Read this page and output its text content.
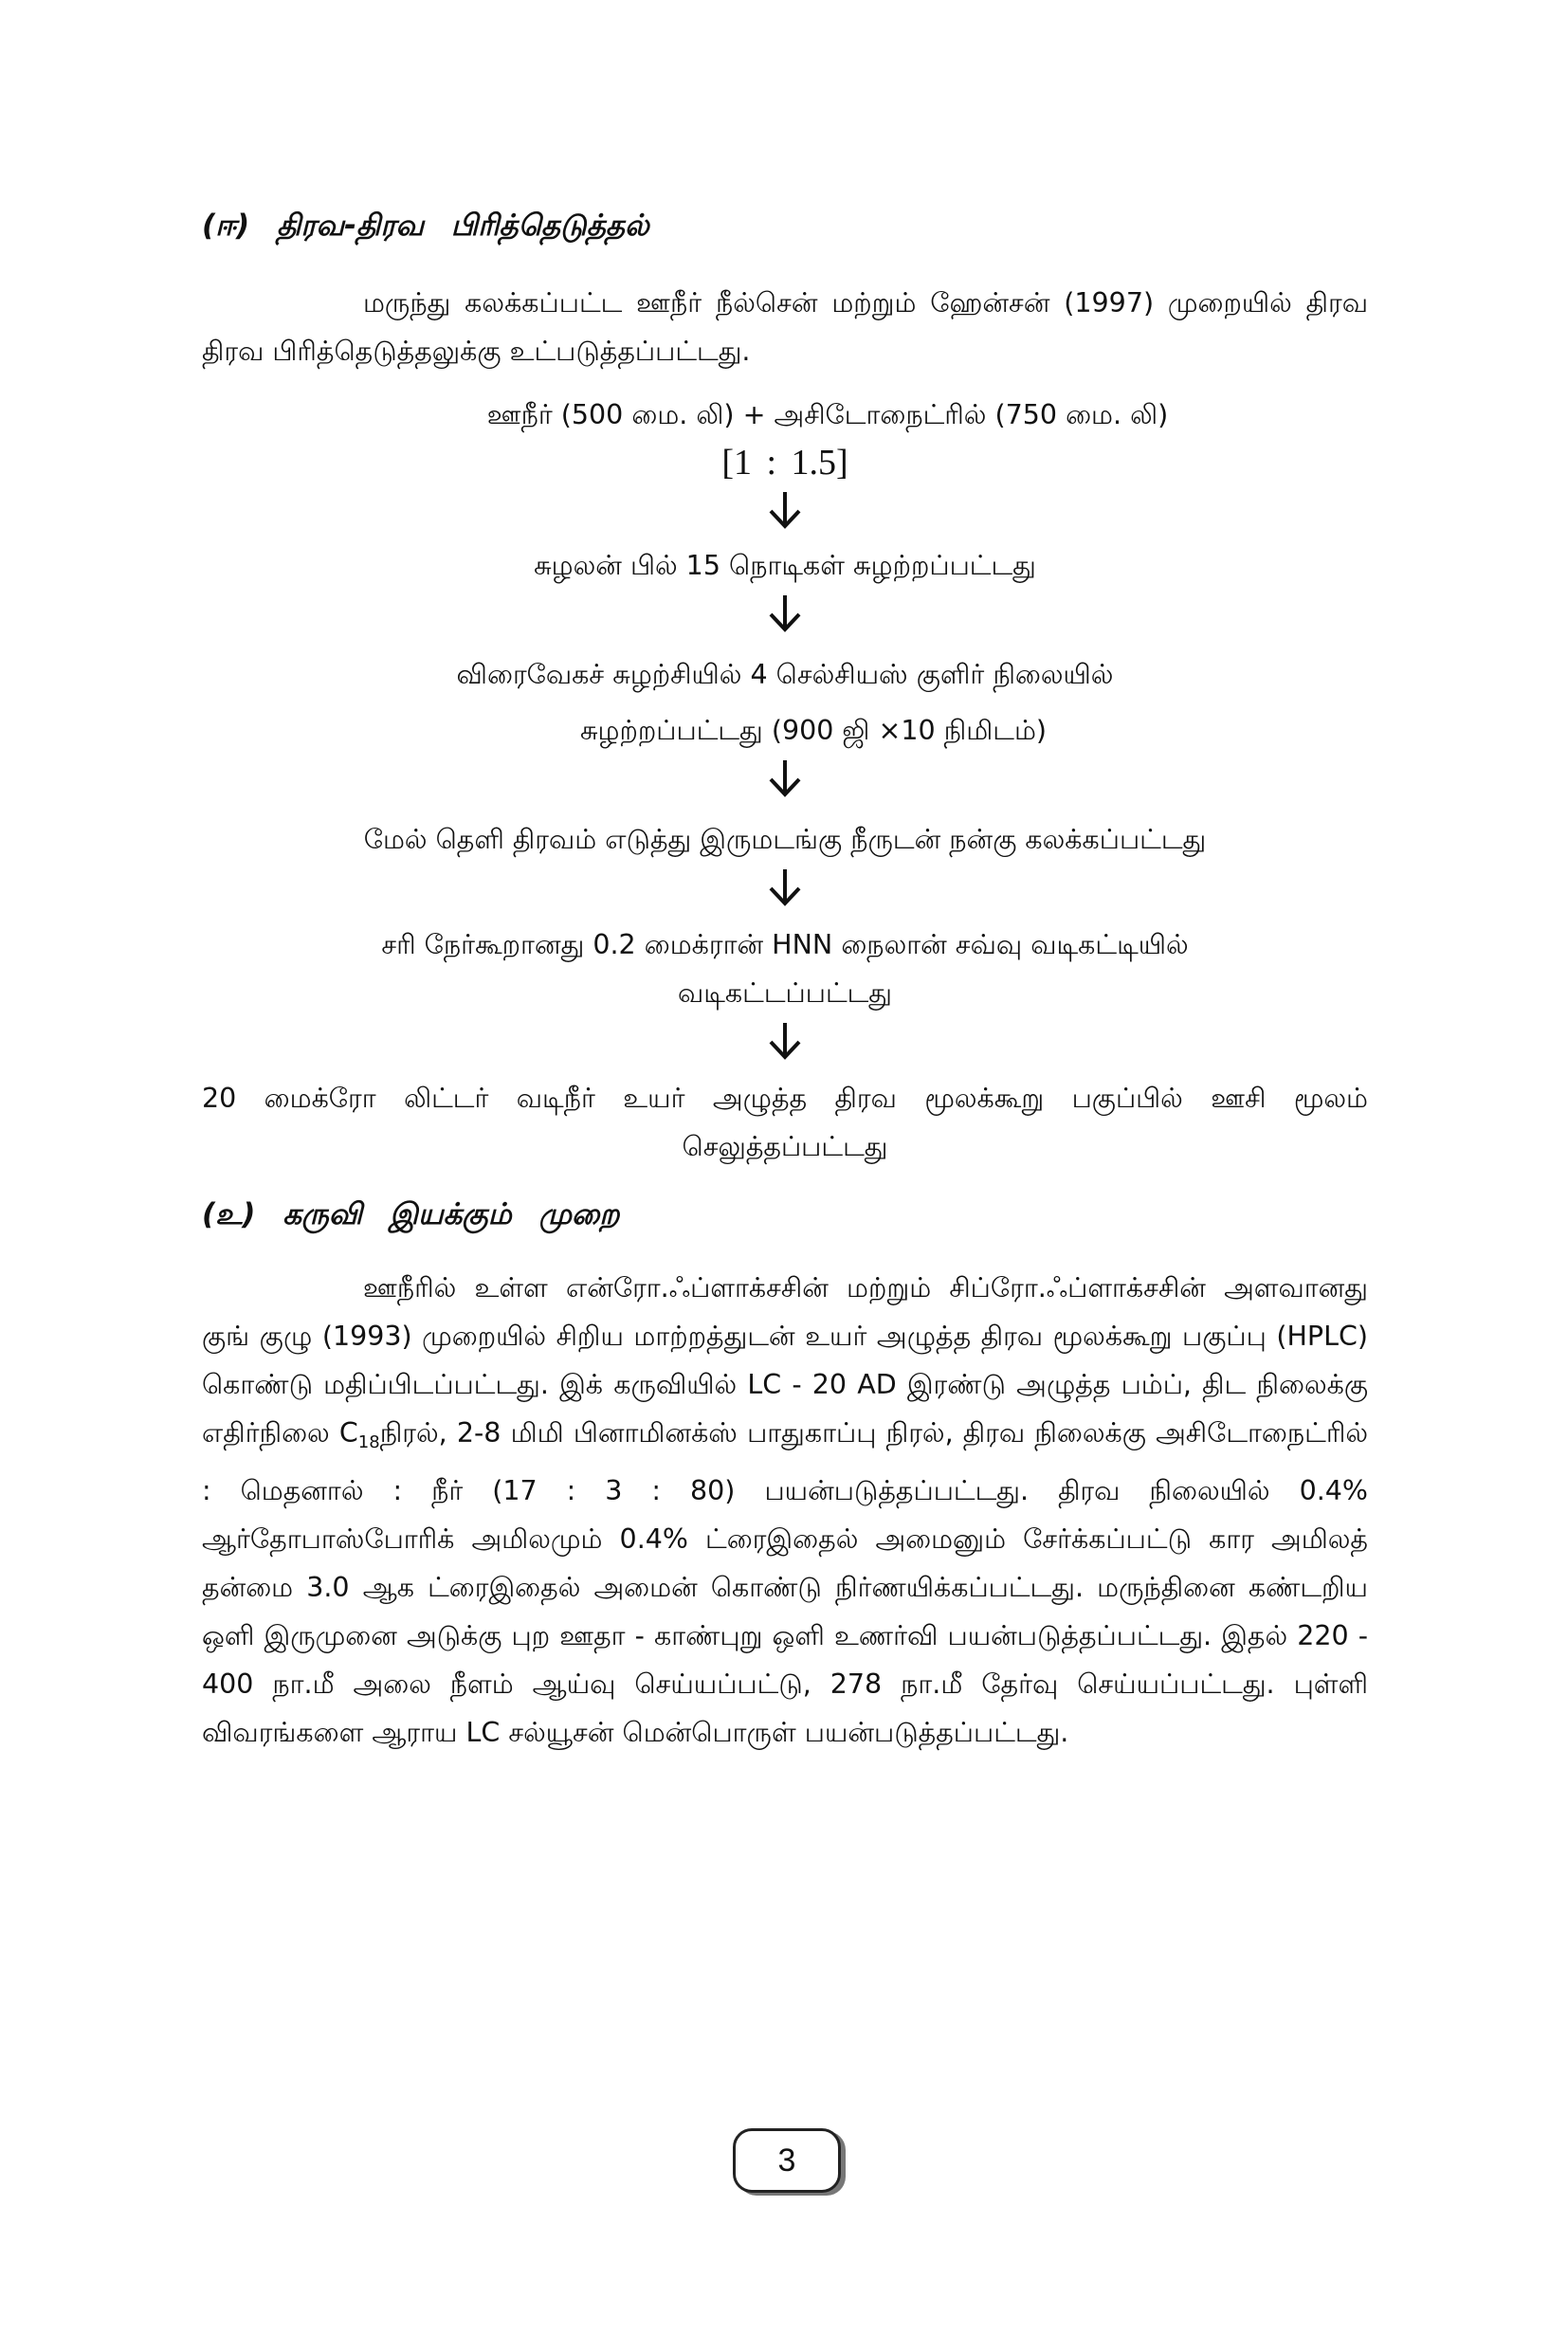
(ஈ) திரவ-திரவ பிரித்தெடுத்தல்

மருந்து கலக்கப்பட்ட ஊநீர் நீல்சென் மற்றும் ஹேன்சன் (1997) முறையில் திரவ திரவ பிரித்தெடுத்தலுக்கு உட்படுத்தப்பட்டது.

ஊநீர் (500 மை. லி) + அசிடோநைட்ரில் (750 மை. லி)

[1 : 1.5]

சுழலன் பில் 15 நொடிகள் சுழற்றப்பட்டது

விரைவேகச் சுழற்சியில் 4 செல்சியஸ் குளிர் நிலையில்

சுழற்றப்பட்டது (900 ஜி ×10 நிமிடம்)

மேல் தெளி திரவம் எடுத்து இருமடங்கு நீருடன் நன்கு கலக்கப்பட்டது

சரி நேர்கூறானது 0.2 மைக்ரான் HNN நைலான் சவ்வு வடிகட்டியில்

வடிகட்டப்பட்டது

20 மைக்ரோ லிட்டர் வடிநீர் உயர் அழுத்த திரவ மூலக்கூறு பகுப்பில் ஊசி மூலம் செலுத்தப்பட்டது

(உ) கருவி இயக்கும் முறை

ஊநீரில் உள்ள என்ரோ.ஃப்ளாக்சசின் மற்றும் சிப்ரோ.ஃப்ளாக்சசின் அளவானது குங் குழு (1993) முறையில் சிறிய மாற்றத்துடன் உயர் அழுத்த திரவ மூலக்கூறு பகுப்பு (HPLC) கொண்டு மதிப்பிடப்பட்டது. இக் கருவியில் LC - 20 AD இரண்டு அழுத்த பம்ப், திட நிலைக்கு எதிர்நிலை $C_{18}நிரல்$, 2-8 மிமி பினாமினக்ஸ் பாதுகாப்பு நிரல், திரவ நிலைக்கு அசிடோநைட்ரில் : மெதனால் : நீர் (17 : 3 : 80) பயன்படுத்தப்பட்டது. திரவ நிலையில் 0.4% ஆர்தோபாஸ்போரிக் அமிலமும் 0.4% ட்ரைஇதைல் அமைனும் சேர்க்கப்பட்டு கார அமிலத் தன்மை 3.0 ஆக ட்ரைஇதைல் அமைன் கொண்டு நிர்ணயிக்கப்பட்டது. மருந்தினை கண்டறிய ஒளி இருமுனை அடுக்கு புற ஊதா - காண்புறு ஒளி உணர்வி பயன்படுத்தப்பட்டது. இதல் 220 - 400 நா.மீ அலை நீளம் ஆய்வு செய்யப்பட்டு, 278 நா.மீ தேர்வு செய்யப்பட்டது. புள்ளி விவரங்களை ஆராய LC சல்யூசன் மென்பொருள் பயன்படுத்தப்பட்டது.

3
